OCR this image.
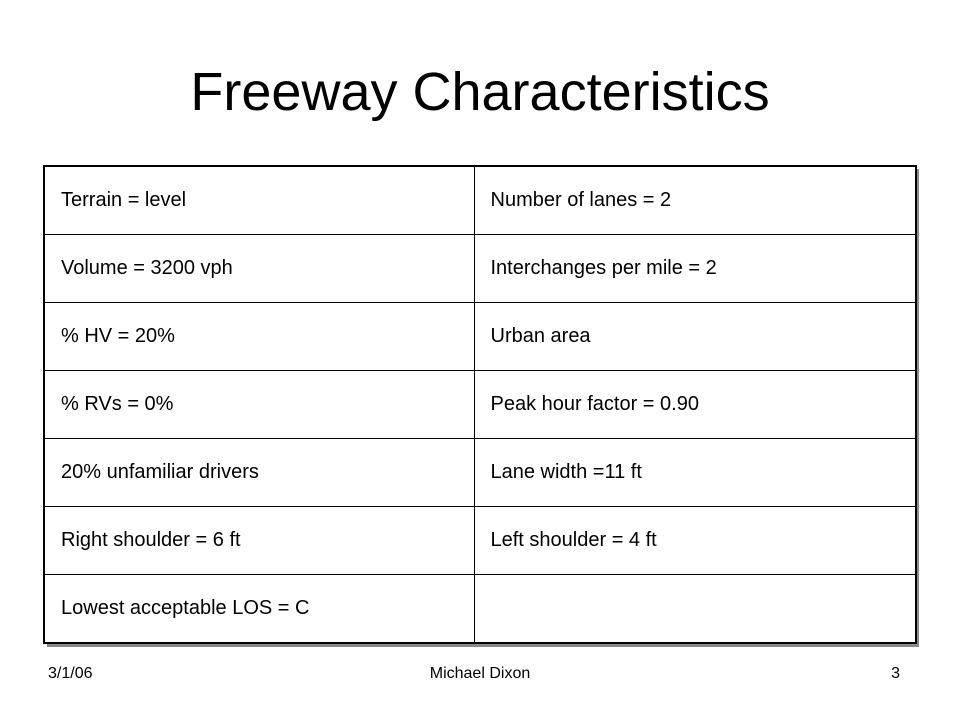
Freeway Characteristics
Terrain = level	Number of lanes = 2
Volume = 3200 vph	Interchanges per mile = 2
% HV = 20%	Urban area
% RVs = 0%	Peak hour factor = 0.90
20% unfamiliar drivers	Lane width =11 ft
Right shoulder = 6 ft	Left shoulder = 4 ft
Lowest acceptable LOS = C	
3/1/06	Michael Dixon	3
